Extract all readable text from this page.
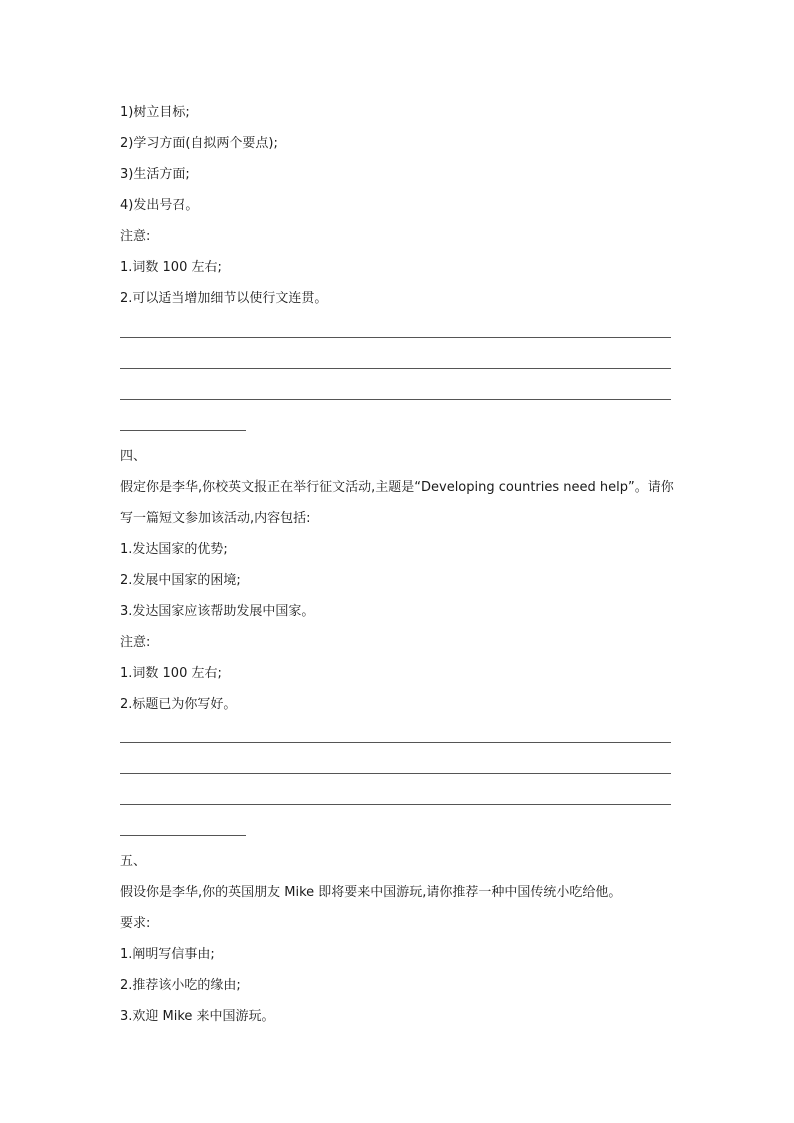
1)树立目标;
2)学习方面(自拟两个要点);
3)生活方面;
4)发出号召。
注意:
1.词数 100 左右;
2.可以适当增加细节以使行文连贯。
四、
假定你是李华,你校英文报正在举行征文活动,主题是“Developing countries need help”。请你
写一篇短文参加该活动,内容包括:
1.发达国家的优势;
2.发展中国家的困境;
3.发达国家应该帮助发展中国家。
注意:
1.词数 100 左右;
2.标题已为你写好。
五、
假设你是李华,你的英国朋友 Mike 即将要来中国游玩,请你推荐一种中国传统小吃给他。
要求:
1.阐明写信事由;
2.推荐该小吃的缘由;
3.欢迎 Mike 来中国游玩。
